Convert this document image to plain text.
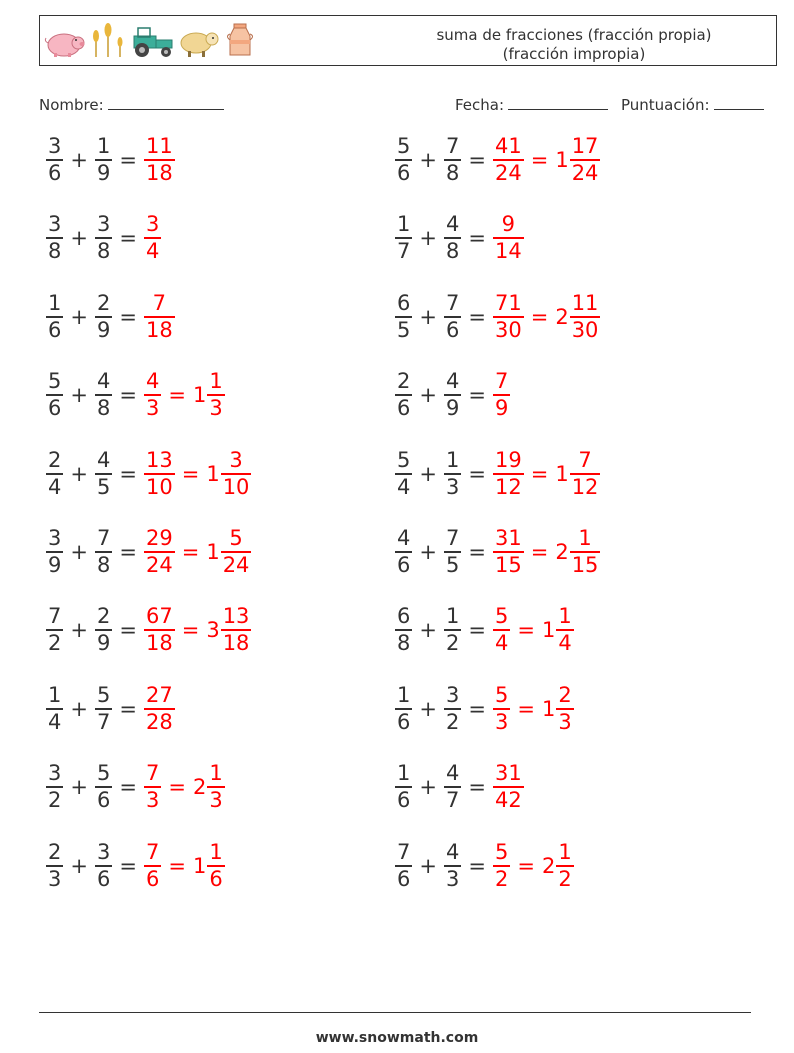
suma de fracciones (fracción propia)
(fracción impropia)
Nombre:	Fecha:	Puntuación:
$\frac{3}{6} + \frac{1}{9} = \frac{11}{18}$	$\frac{5}{6} + \frac{7}{8} = \frac{41}{24} = 1 \frac{17}{24}$
$\frac{3}{8} + \frac{3}{8} = \frac{3}{4}$	$\frac{1}{7} + \frac{4}{8} = \frac{9}{14}$
$\frac{1}{6} + \frac{2}{9} = \frac{7}{18}$	$\frac{6}{5} + \frac{7}{6} = \frac{71}{30} = 2 \frac{11}{30}$
$\frac{5}{6} + \frac{4}{8} = \frac{4}{3} = 1 \frac{1}{3}$	$\frac{2}{6} + \frac{4}{9} = \frac{7}{9}$
$\frac{2}{4} + \frac{4}{5} = \frac{13}{10} = 1 \frac{3}{10}$	$\frac{5}{4} + \frac{1}{3} = \frac{19}{12} = 1 \frac{7}{12}$
$\frac{3}{9} + \frac{7}{8} = \frac{29}{24} = 1 \frac{5}{24}$	$\frac{4}{6} + \frac{7}{5} = \frac{31}{15} = 2 \frac{1}{15}$
$\frac{7}{2} + \frac{2}{9} = \frac{67}{18} = 3 \frac{13}{18}$	$\frac{6}{8} + \frac{1}{2} = \frac{5}{4} = 1 \frac{1}{4}$
$\frac{1}{4} + \frac{5}{7} = \frac{27}{28}$	$\frac{1}{6} + \frac{3}{2} = \frac{5}{3} = 1 \frac{2}{3}$
$\frac{3}{2} + \frac{5}{6} = \frac{7}{3} = 2 \frac{1}{3}$	$\frac{1}{6} + \frac{4}{7} = \frac{31}{42}$
$\frac{2}{3} + \frac{3}{6} = \frac{7}{6} = 1 \frac{1}{6}$	$\frac{7}{6} + \frac{4}{3} = \frac{5}{2} = 2 \frac{1}{2}$
www.snowmath.com
